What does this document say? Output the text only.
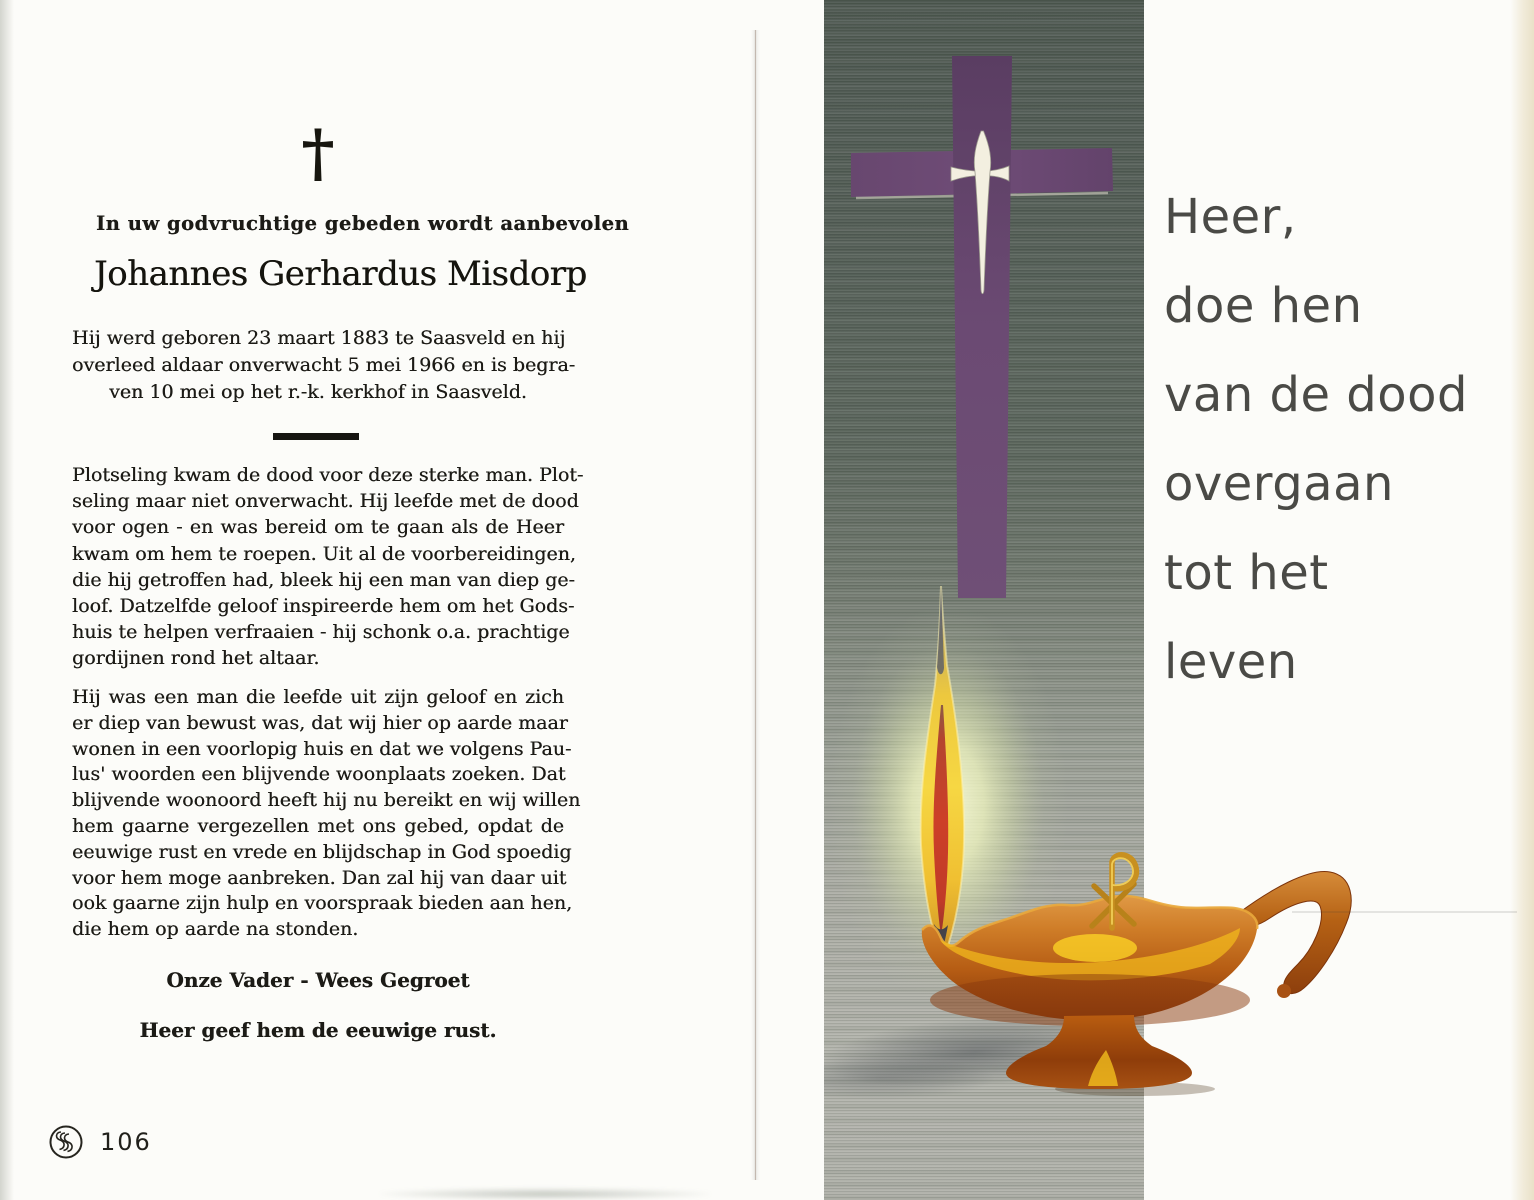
†
In uw godvruchtige gebeden wordt aanbevolen
Johannes Gerhardus Misdorp
Hij werd geboren 23 maart 1883 te Saasveld en hij
overleed aldaar onverwacht 5 mei 1966 en is begra-
ven 10 mei op het r.-k. kerkhof in Saasveld.
Plotseling kwam de dood voor deze sterke man. Plot-
seling maar niet onverwacht. Hij leefde met de dood
voor ogen - en was bereid om te gaan als de Heer
kwam om hem te roepen. Uit al de voorbereidingen,
die hij getroffen had, bleek hij een man van diep ge-
loof. Datzelfde geloof inspireerde hem om het Gods-
huis te helpen verfraaien - hij schonk o.a. prachtige
gordijnen rond het altaar.
Hij was een man die leefde uit zijn geloof en zich
er diep van bewust was, dat wij hier op aarde maar
wonen in een voorlopig huis en dat we volgens Pau-
lus' woorden een blijvende woonplaats zoeken. Dat
blijvende woonoord heeft hij nu bereikt en wij willen
hem gaarne vergezellen met ons gebed, opdat de
eeuwige rust en vrede en blijdschap in God spoedig
voor hem moge aanbreken. Dan zal hij van daar uit
ook gaarne zijn hulp en voorspraak bieden aan hen,
die hem op aarde na stonden.
Onze Vader - Wees Gegroet
Heer geef hem de eeuwige rust.
106
Heer,
doe hen
van de dood
overgaan
tot het
leven
